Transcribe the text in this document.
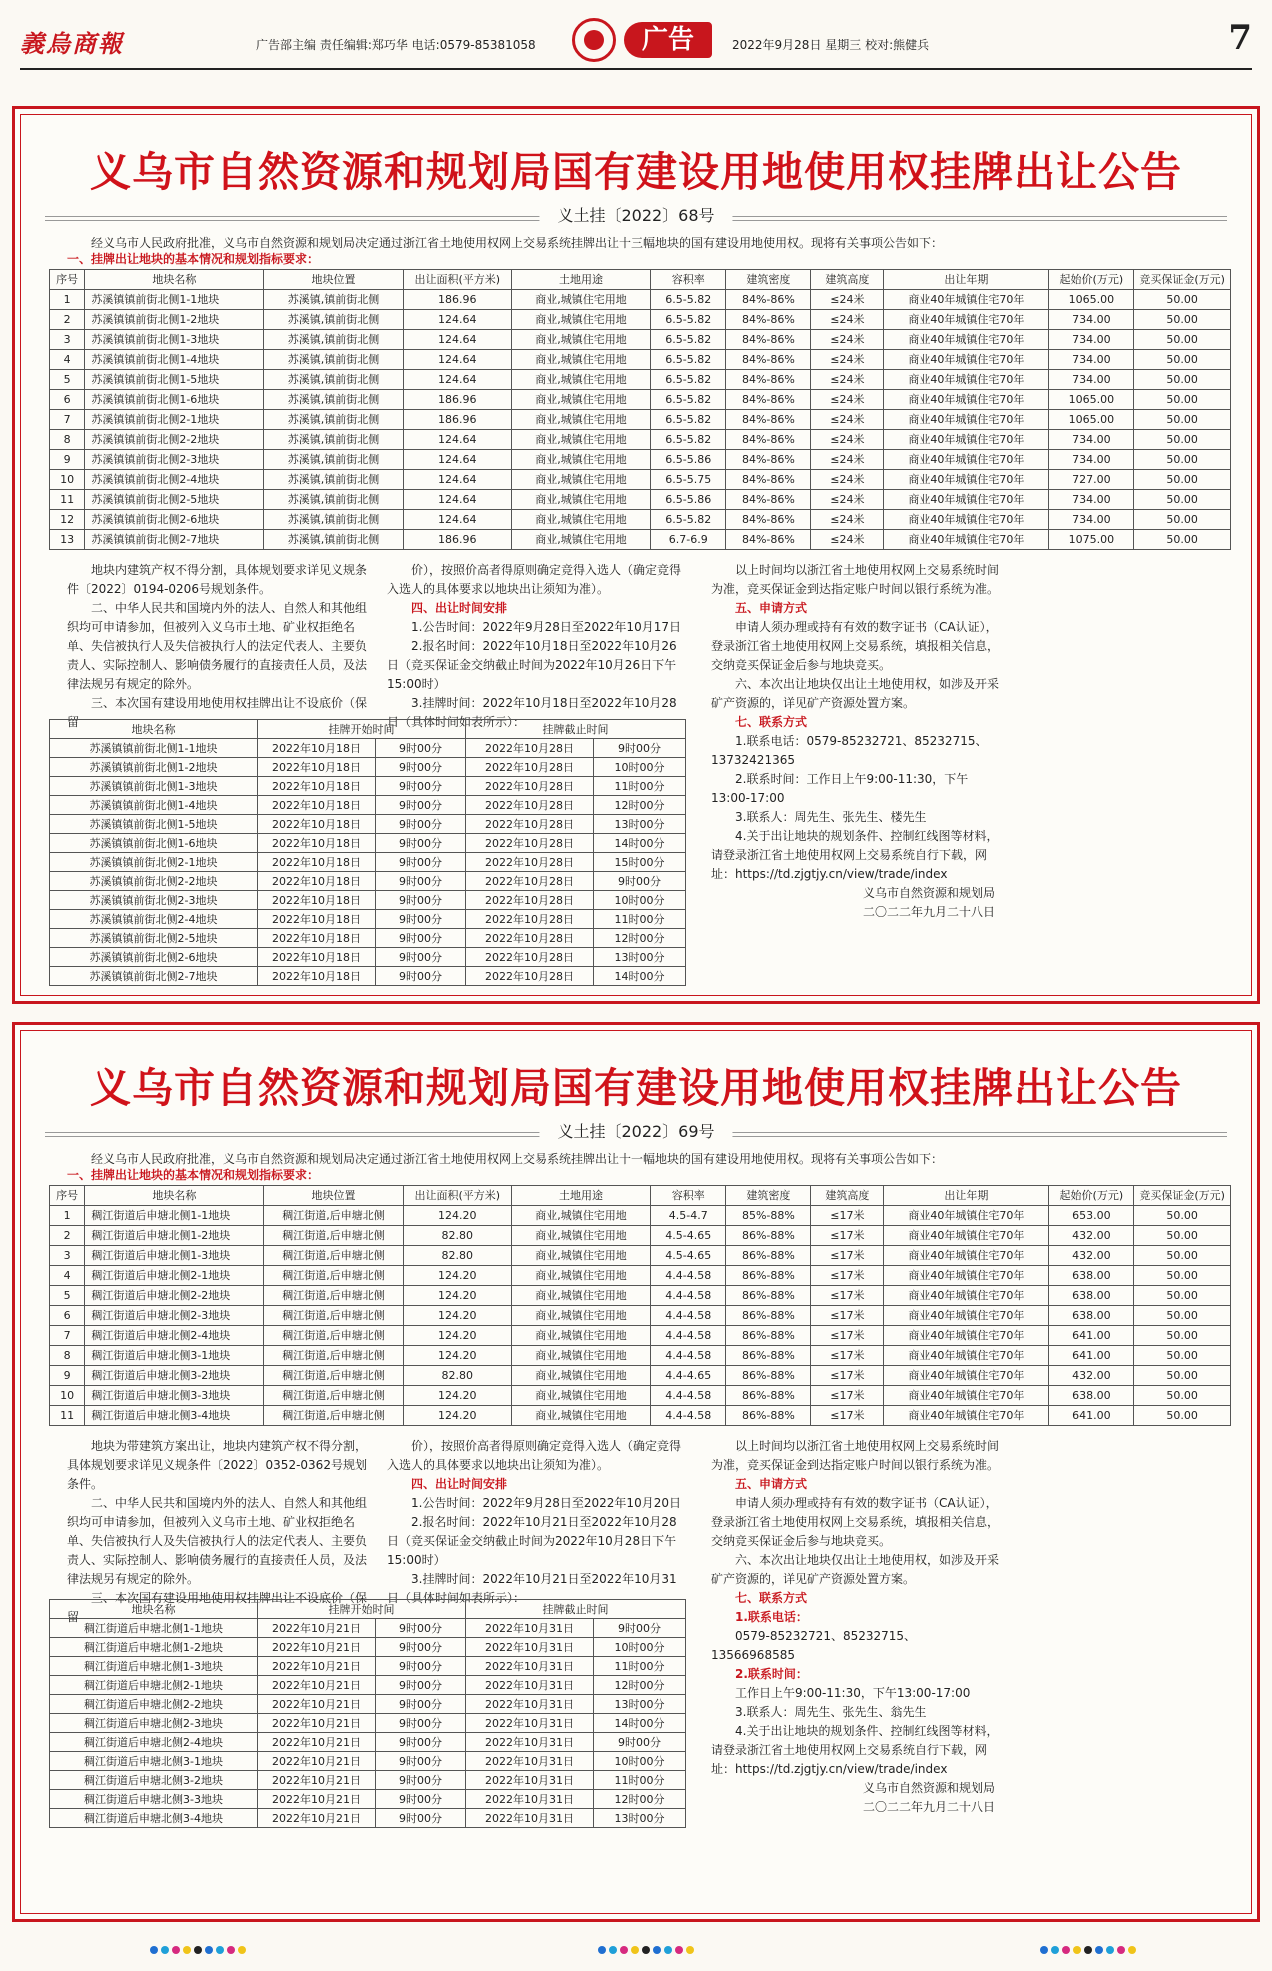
義烏商報	广告部主编 责任编辑:郑巧华 电话:0579-85381058	广告	2022年9月28日 星期三 校对:熊健兵	7
义乌市自然资源和规划局国有建设用地使用权挂牌出让公告
义土挂〔2022〕68号
经义乌市人民政府批准，义乌市自然资源和规划局决定通过浙江省土地使用权网上交易系统挂牌出让十三幅地块的国有建设用地使用权。现将有关事项公告如下：
一、挂牌出让地块的基本情况和规划指标要求：
序号	地块名称	地块位置	出让面积(平方米)	土地用途	容积率	建筑密度	建筑高度	出让年期	起始价(万元)	竞买保证金(万元)
1	苏溪镇镇前街北侧1-1地块	苏溪镇,镇前街北侧	186.96	商业,城镇住宅用地	6.5-5.82	84%-86%	≤24米	商业40年城镇住宅70年	1065.00	50.00
2	苏溪镇镇前街北侧1-2地块	苏溪镇,镇前街北侧	124.64	商业,城镇住宅用地	6.5-5.82	84%-86%	≤24米	商业40年城镇住宅70年	734.00	50.00
3	苏溪镇镇前街北侧1-3地块	苏溪镇,镇前街北侧	124.64	商业,城镇住宅用地	6.5-5.82	84%-86%	≤24米	商业40年城镇住宅70年	734.00	50.00
4	苏溪镇镇前街北侧1-4地块	苏溪镇,镇前街北侧	124.64	商业,城镇住宅用地	6.5-5.82	84%-86%	≤24米	商业40年城镇住宅70年	734.00	50.00
5	苏溪镇镇前街北侧1-5地块	苏溪镇,镇前街北侧	124.64	商业,城镇住宅用地	6.5-5.82	84%-86%	≤24米	商业40年城镇住宅70年	734.00	50.00
6	苏溪镇镇前街北侧1-6地块	苏溪镇,镇前街北侧	186.96	商业,城镇住宅用地	6.5-5.82	84%-86%	≤24米	商业40年城镇住宅70年	1065.00	50.00
7	苏溪镇镇前街北侧2-1地块	苏溪镇,镇前街北侧	186.96	商业,城镇住宅用地	6.5-5.82	84%-86%	≤24米	商业40年城镇住宅70年	1065.00	50.00
8	苏溪镇镇前街北侧2-2地块	苏溪镇,镇前街北侧	124.64	商业,城镇住宅用地	6.5-5.82	84%-86%	≤24米	商业40年城镇住宅70年	734.00	50.00
9	苏溪镇镇前街北侧2-3地块	苏溪镇,镇前街北侧	124.64	商业,城镇住宅用地	6.5-5.86	84%-86%	≤24米	商业40年城镇住宅70年	734.00	50.00
10	苏溪镇镇前街北侧2-4地块	苏溪镇,镇前街北侧	124.64	商业,城镇住宅用地	6.5-5.75	84%-86%	≤24米	商业40年城镇住宅70年	727.00	50.00
11	苏溪镇镇前街北侧2-5地块	苏溪镇,镇前街北侧	124.64	商业,城镇住宅用地	6.5-5.86	84%-86%	≤24米	商业40年城镇住宅70年	734.00	50.00
12	苏溪镇镇前街北侧2-6地块	苏溪镇,镇前街北侧	124.64	商业,城镇住宅用地	6.5-5.82	84%-86%	≤24米	商业40年城镇住宅70年	734.00	50.00
13	苏溪镇镇前街北侧2-7地块	苏溪镇,镇前街北侧	186.96	商业,城镇住宅用地	6.7-6.9	84%-86%	≤24米	商业40年城镇住宅70年	1075.00	50.00

地块内建筑产权不得分割，具体规划要求详见义规条件〔2022〕0194-0206号规划条件。

二、中华人民共和国境内外的法人、自然人和其他组织均可申请参加，但被列入义乌市土地、矿业权拒绝名单、失信被执行人及失信被执行人的法定代表人、主要负责人、实际控制人、影响债务履行的直接责任人员，及法律法规另有规定的除外。

三、本次国有建设用地使用权挂牌出让不设底价（保留

价），按照价高者得原则确定竞得入选人（确定竞得入选人的具体要求以地块出让须知为准）。

四、出让时间安排

1.公告时间：2022年9月28日至2022年10月17日

2.报名时间：2022年10月18日至2022年10月26日（竞买保证金交纳截止时间为2022年10月26日下午15:00时）

3.挂牌时间：2022年10月18日至2022年10月28日（具体时间如表所示）：

以上时间均以浙江省土地使用权网上交易系统时间为准，竞买保证金到达指定账户时间以银行系统为准。

五、申请方式

申请人须办理或持有有效的数字证书（CA认证），登录浙江省土地使用权网上交易系统，填报相关信息，交纳竞买保证金后参与地块竞买。

六、本次出让地块仅出让土地使用权，如涉及开采矿产资源的，详见矿产资源处置方案。

七、联系方式

1.联系电话：0579-85232721、85232715、13732421365

2.联系时间：工作日上午9:00-11:30，下午13:00-17:00

3.联系人：周先生、张先生、楼先生

4.关于出让地块的规划条件、控制红线图等材料，请登录浙江省土地使用权网上交易系统自行下载，网址：https://td.zjgtjy.cn/view/trade/index

义乌市自然资源和规划局

二〇二二年九月二十八日

地块名称	挂牌开始时间		挂牌截止时间	
苏溪镇镇前街北侧1-1地块	2022年10月18日	9时00分	2022年10月28日	9时00分
苏溪镇镇前街北侧1-2地块	2022年10月18日	9时00分	2022年10月28日	10时00分
苏溪镇镇前街北侧1-3地块	2022年10月18日	9时00分	2022年10月28日	11时00分
苏溪镇镇前街北侧1-4地块	2022年10月18日	9时00分	2022年10月28日	12时00分
苏溪镇镇前街北侧1-5地块	2022年10月18日	9时00分	2022年10月28日	13时00分
苏溪镇镇前街北侧1-6地块	2022年10月18日	9时00分	2022年10月28日	14时00分
苏溪镇镇前街北侧2-1地块	2022年10月18日	9时00分	2022年10月28日	15时00分
苏溪镇镇前街北侧2-2地块	2022年10月18日	9时00分	2022年10月28日	9时00分
苏溪镇镇前街北侧2-3地块	2022年10月18日	9时00分	2022年10月28日	10时00分
苏溪镇镇前街北侧2-4地块	2022年10月18日	9时00分	2022年10月28日	11时00分
苏溪镇镇前街北侧2-5地块	2022年10月18日	9时00分	2022年10月28日	12时00分
苏溪镇镇前街北侧2-6地块	2022年10月18日	9时00分	2022年10月28日	13时00分
苏溪镇镇前街北侧2-7地块	2022年10月18日	9时00分	2022年10月28日	14时00分
义乌市自然资源和规划局国有建设用地使用权挂牌出让公告
义土挂〔2022〕69号
经义乌市人民政府批准，义乌市自然资源和规划局决定通过浙江省土地使用权网上交易系统挂牌出让十一幅地块的国有建设用地使用权。现将有关事项公告如下：
一、挂牌出让地块的基本情况和规划指标要求：
序号	地块名称	地块位置	出让面积(平方米)	土地用途	容积率	建筑密度	建筑高度	出让年期	起始价(万元)	竞买保证金(万元)
1	稠江街道后申塘北侧1-1地块	稠江街道,后申塘北侧	124.20	商业,城镇住宅用地	4.5-4.7	85%-88%	≤17米	商业40年城镇住宅70年	653.00	50.00
2	稠江街道后申塘北侧1-2地块	稠江街道,后申塘北侧	82.80	商业,城镇住宅用地	4.5-4.65	86%-88%	≤17米	商业40年城镇住宅70年	432.00	50.00
3	稠江街道后申塘北侧1-3地块	稠江街道,后申塘北侧	82.80	商业,城镇住宅用地	4.5-4.65	86%-88%	≤17米	商业40年城镇住宅70年	432.00	50.00
4	稠江街道后申塘北侧2-1地块	稠江街道,后申塘北侧	124.20	商业,城镇住宅用地	4.4-4.58	86%-88%	≤17米	商业40年城镇住宅70年	638.00	50.00
5	稠江街道后申塘北侧2-2地块	稠江街道,后申塘北侧	124.20	商业,城镇住宅用地	4.4-4.58	86%-88%	≤17米	商业40年城镇住宅70年	638.00	50.00
6	稠江街道后申塘北侧2-3地块	稠江街道,后申塘北侧	124.20	商业,城镇住宅用地	4.4-4.58	86%-88%	≤17米	商业40年城镇住宅70年	638.00	50.00
7	稠江街道后申塘北侧2-4地块	稠江街道,后申塘北侧	124.20	商业,城镇住宅用地	4.4-4.58	86%-88%	≤17米	商业40年城镇住宅70年	641.00	50.00
8	稠江街道后申塘北侧3-1地块	稠江街道,后申塘北侧	124.20	商业,城镇住宅用地	4.4-4.58	86%-88%	≤17米	商业40年城镇住宅70年	641.00	50.00
9	稠江街道后申塘北侧3-2地块	稠江街道,后申塘北侧	82.80	商业,城镇住宅用地	4.4-4.65	86%-88%	≤17米	商业40年城镇住宅70年	432.00	50.00
10	稠江街道后申塘北侧3-3地块	稠江街道,后申塘北侧	124.20	商业,城镇住宅用地	4.4-4.58	86%-88%	≤17米	商业40年城镇住宅70年	638.00	50.00
11	稠江街道后申塘北侧3-4地块	稠江街道,后申塘北侧	124.20	商业,城镇住宅用地	4.4-4.58	86%-88%	≤17米	商业40年城镇住宅70年	641.00	50.00

地块为带建筑方案出让，地块内建筑产权不得分割，具体规划要求详见义规条件〔2022〕0352-0362号规划条件。

二、中华人民共和国境内外的法人、自然人和其他组织均可申请参加，但被列入义乌市土地、矿业权拒绝名单、失信被执行人及失信被执行人的法定代表人、主要负责人、实际控制人、影响债务履行的直接责任人员，及法律法规另有规定的除外。

三、本次国有建设用地使用权挂牌出让不设底价（保留

价），按照价高者得原则确定竞得入选人（确定竞得入选人的具体要求以地块出让须知为准）。

四、出让时间安排

1.公告时间：2022年9月28日至2022年10月20日

2.报名时间：2022年10月21日至2022年10月28日（竞买保证金交纳截止时间为2022年10月28日下午15:00时）

3.挂牌时间：2022年10月21日至2022年10月31日（具体时间如表所示）：

以上时间均以浙江省土地使用权网上交易系统时间为准，竞买保证金到达指定账户时间以银行系统为准。

五、申请方式

申请人须办理或持有有效的数字证书（CA认证），登录浙江省土地使用权网上交易系统，填报相关信息，交纳竞买保证金后参与地块竞买。

六、本次出让地块仅出让土地使用权，如涉及开采矿产资源的，详见矿产资源处置方案。

七、联系方式

1.联系电话：

0579-85232721、85232715、13566968585

2.联系时间：

工作日上午9:00-11:30，下午13:00-17:00

3.联系人：周先生、张先生、翁先生

4.关于出让地块的规划条件、控制红线图等材料，请登录浙江省土地使用权网上交易系统自行下载，网址：https://td.zjgtjy.cn/view/trade/index

义乌市自然资源和规划局

二〇二二年九月二十八日

地块名称	挂牌开始时间		挂牌截止时间	
稠江街道后申塘北侧1-1地块	2022年10月21日	9时00分	2022年10月31日	9时00分
稠江街道后申塘北侧1-2地块	2022年10月21日	9时00分	2022年10月31日	10时00分
稠江街道后申塘北侧1-3地块	2022年10月21日	9时00分	2022年10月31日	11时00分
稠江街道后申塘北侧2-1地块	2022年10月21日	9时00分	2022年10月31日	12时00分
稠江街道后申塘北侧2-2地块	2022年10月21日	9时00分	2022年10月31日	13时00分
稠江街道后申塘北侧2-3地块	2022年10月21日	9时00分	2022年10月31日	14时00分
稠江街道后申塘北侧2-4地块	2022年10月21日	9时00分	2022年10月31日	9时00分
稠江街道后申塘北侧3-1地块	2022年10月21日	9时00分	2022年10月31日	10时00分
稠江街道后申塘北侧3-2地块	2022年10月21日	9时00分	2022年10月31日	11时00分
稠江街道后申塘北侧3-3地块	2022年10月21日	9时00分	2022年10月31日	12时00分
稠江街道后申塘北侧3-4地块	2022年10月21日	9时00分	2022年10月31日	13时00分
